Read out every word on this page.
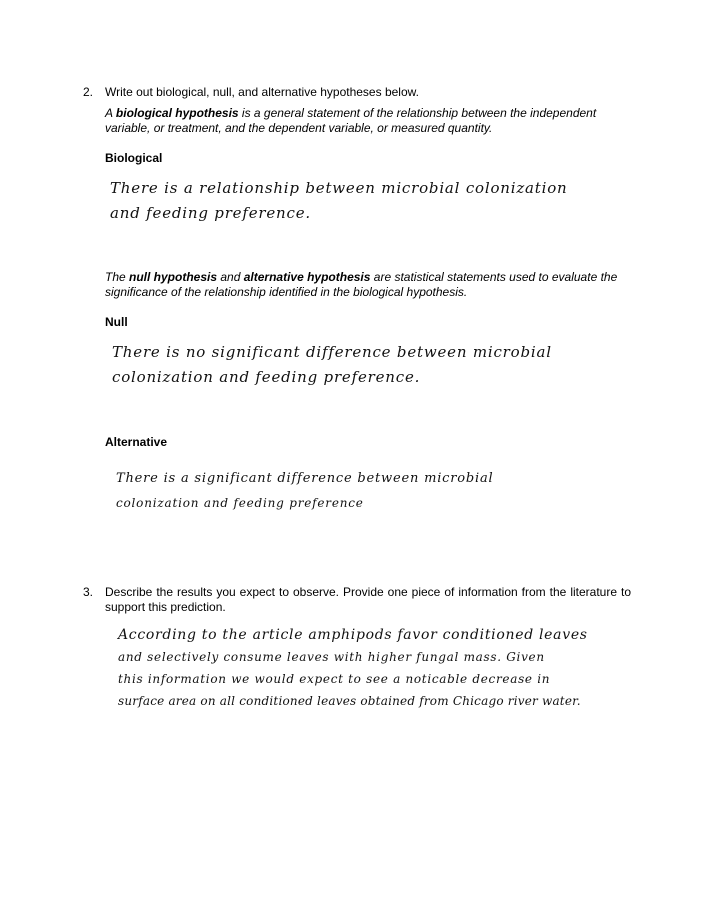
2. Write out biological, null, and alternative hypotheses below.
A biological hypothesis is a general statement of the relationship between the independent variable, or treatment, and the dependent variable, or measured quantity.
Biological
There is a relationship between microbial colonization
and feeding preference.
The null hypothesis and alternative hypothesis are statistical statements used to evaluate the significance of the relationship identified in the biological hypothesis.
Null
There is no significant difference between microbial
colonization and feeding preference.
Alternative
There is a significant difference between microbial
colonization and feeding preference
3. Describe the results you expect to observe. Provide one piece of information from the literature to support this prediction.
According to the article amphipods favor conditioned leaves
and selectively consume leaves with higher fungal mass. Given
this information we would expect to see a noticable decrease in
surface area on all conditioned leaves obtained from Chicago river water.
